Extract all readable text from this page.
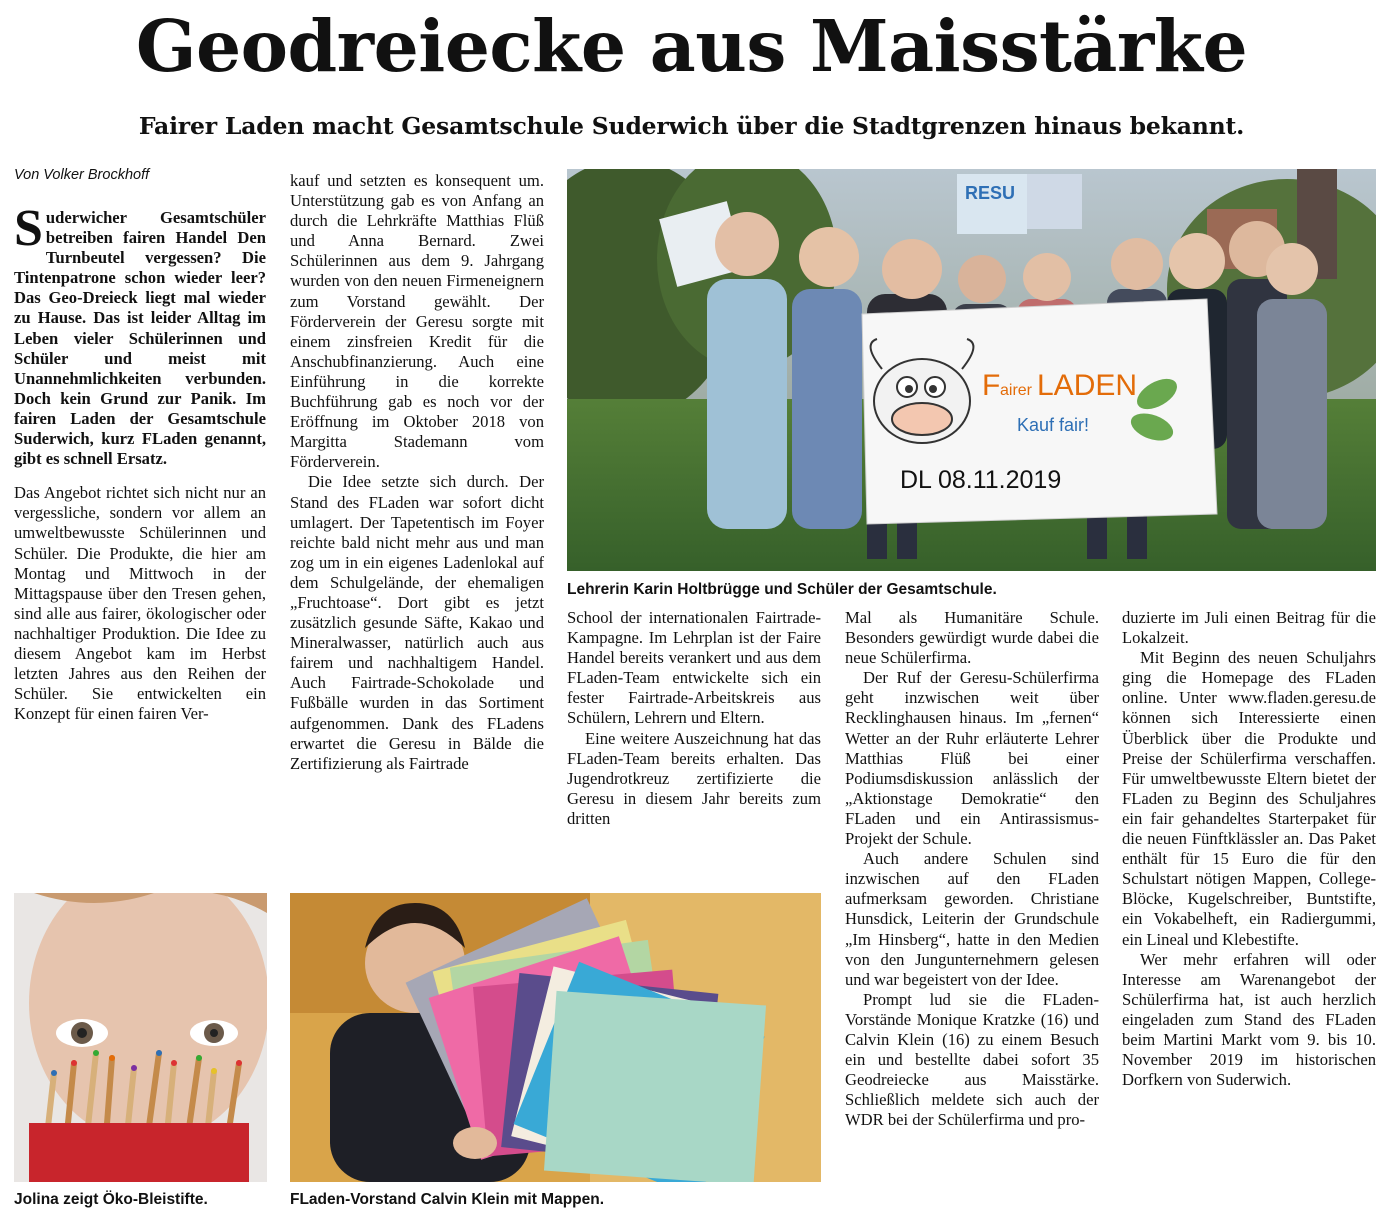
Geodreiecke aus Maisstärke
Fairer Laden macht Gesamtschule Suderwich über die Stadtgrenzen hinaus bekannt.
Von Volker Brockhoff

Suderwicher Gesamtschüler betreiben fairen Handel Den Turnbeutel vergessen? Die Tintenpatrone schon wieder leer? Das Geo-Dreieck liegt mal wieder zu Hause. Das ist leider Alltag im Leben vieler Schülerinnen und Schüler und meist mit Unannehmlichkeiten verbunden. Doch kein Grund zur Panik. Im fairen Laden der Gesamtschule Suderwich, kurz FLaden genannt, gibt es schnell Ersatz.

Das Angebot richtet sich nicht nur an vergessliche, sondern vor allem an umweltbewusste Schülerinnen und Schüler. Die Produkte, die hier am Montag und Mittwoch in der Mittagspause über den Tresen gehen, sind alle aus fairer, ökologischer oder nachhaltiger Produktion. Die Idee zu diesem Angebot kam im Herbst letzten Jahres aus den Reihen der Schüler. Sie entwickelten ein Konzept für einen fairen Ver-

kauf und setzten es konsequent um. Unterstützung gab es von Anfang an durch die Lehrkräfte Matthias Flüß und Anna Bernard. Zwei Schülerinnen aus dem 9. Jahrgang wurden von den neuen Firmeneignern zum Vorstand gewählt. Der Förderverein der Geresu sorgte mit einem zinsfreien Kredit für die Anschubfinanzierung. Auch eine Einführung in die korrekte Buchführung gab es noch vor der Eröffnung im Oktober 2018 von Margitta Stademann vom Förderverein.

Die Idee setzte sich durch. Der Stand des FLaden war sofort dicht umlagert. Der Tapetentisch im Foyer reichte bald nicht mehr aus und man zog um in ein eigenes Ladenlokal auf dem Schulgelände, der ehemaligen „Fruchtoase“. Dort gibt es jetzt zusätzlich gesunde Säfte, Kakao und Mineralwasser, natürlich auch aus fairem und nachhaltigem Handel. Auch Fairtrade-Schokolade und Fußbälle wurden in das Sortiment aufgenommen. Dank des FLadens erwartet die Geresu in Bälde die Zertifizierung als Fairtrade

RESU
F airer LADEN
Kauf fair!
DL 08.11.2019
Lehrerin Karin Holtbrügge und Schüler der Gesamtschule.

School der internationalen Fairtrade-Kampagne. Im Lehrplan ist der Faire Handel bereits verankert und aus dem FLaden-Team entwickelte sich ein fester Fairtrade-Arbeitskreis aus Schülern, Lehrern und Eltern.

Eine weitere Auszeichnung hat das FLaden-Team bereits erhalten. Das Jugendrotkreuz zertifizierte die Geresu in diesem Jahr bereits zum dritten

Mal als Humanitäre Schule. Besonders gewürdigt wurde dabei die neue Schülerfirma.

Der Ruf der Geresu-Schülerfirma geht inzwischen weit über Recklinghausen hinaus. Im „fernen“ Wetter an der Ruhr erläuterte Lehrer Matthias Flüß bei einer Podiumsdiskussion anlässlich der „Aktionstage Demokratie“ den FLaden und ein Antirassismus-Projekt der Schule.

Auch andere Schulen sind inzwischen auf den FLaden aufmerksam geworden. Christiane Hunsdick, Leiterin der Grundschule „Im Hinsberg“, hatte in den Medien von den Jungunternehmern gelesen und war begeistert von der Idee.

Prompt lud sie die FLaden-Vorstände Monique Kratzke (16) und Calvin Klein (16) zu einem Besuch ein und bestellte dabei sofort 35 Geodreiecke aus Maisstärke. Schließlich meldete sich auch der WDR bei der Schülerfirma und pro-

duzierte im Juli einen Beitrag für die Lokalzeit.

Mit Beginn des neuen Schuljahrs ging die Homepage des FLaden online. Unter www.fladen.geresu.de können sich Interessierte einen Überblick über die Produkte und Preise der Schülerfirma verschaffen. Für umweltbewusste Eltern bietet der FLaden zu Beginn des Schuljahres ein fair gehandeltes Starterpaket für die neuen Fünftklässler an. Das Paket enthält für 15 Euro die für den Schulstart nötigen Mappen, College-Blöcke, Kugelschreiber, Buntstifte, ein Vokabelheft, ein Radiergummi, ein Lineal und Klebestifte.

Wer mehr erfahren will oder Interesse am Warenangebot der Schülerfirma hat, ist auch herzlich eingeladen zum Stand des FLaden beim Martini Markt vom 9. bis 10. November 2019 im historischen Dorfkern von Suderwich.

Jolina zeigt Öko-Bleistifte.	FLaden-Vorstand Calvin Klein mit Mappen.
